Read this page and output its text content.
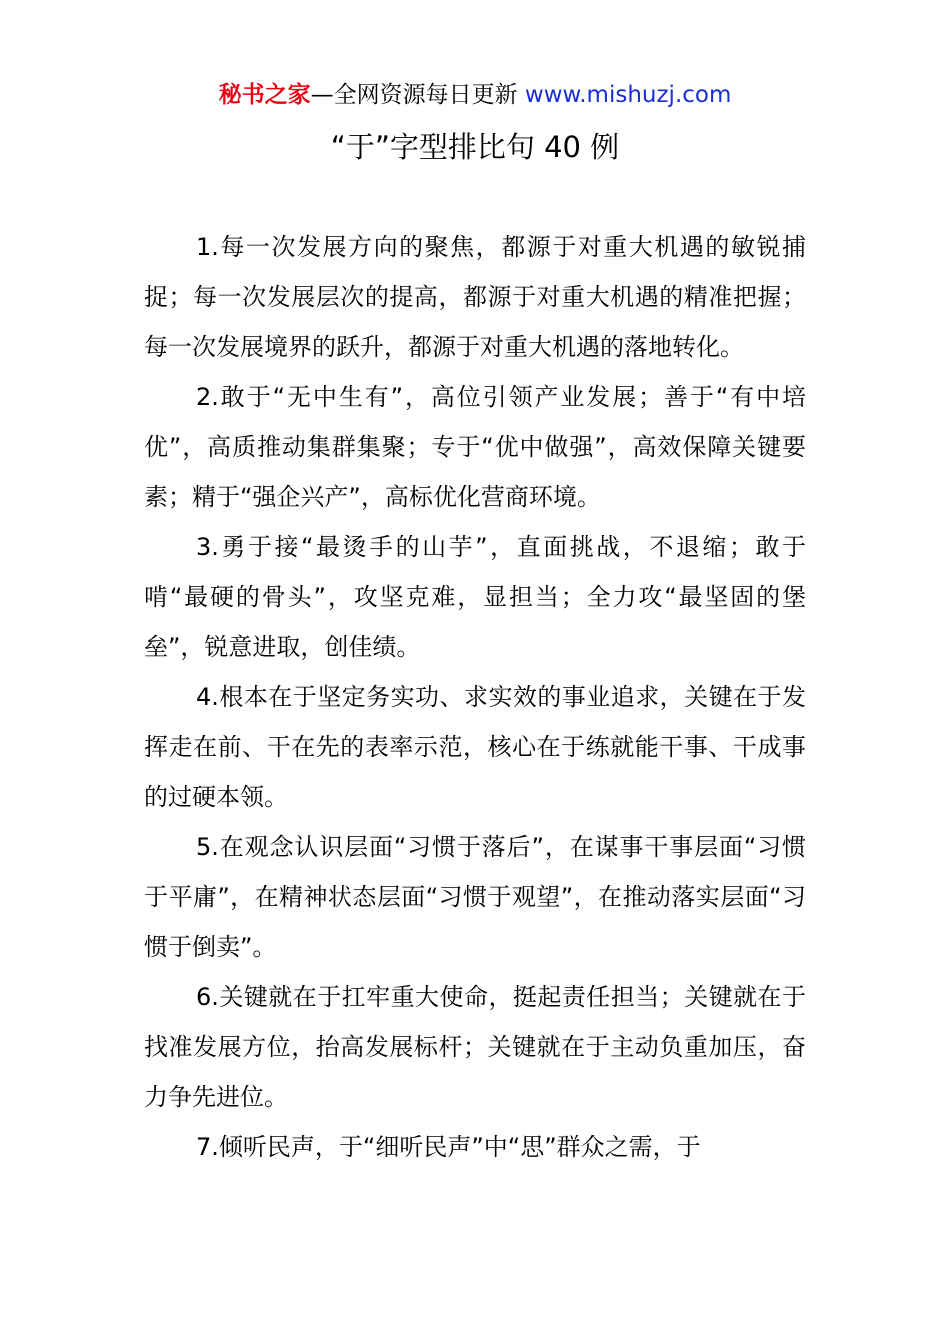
秘书之家—全网资源每日更新 www.mishuzj.com
“于”字型排比句 40 例

1.每一次发展方向的聚焦，都源于对重大机遇的敏锐捕捉；每一次发展层次的提高，都源于对重大机遇的精准把握；每一次发展境界的跃升，都源于对重大机遇的落地转化。

2.敢于“无中生有”，高位引领产业发展；善于“有中培优”，高质推动集群集聚；专于“优中做强”，高效保障关键要素；精于“强企兴产”，高标优化营商环境。

3.勇于接“最烫手的山芋”，直面挑战，不退缩；敢于啃“最硬的骨头”，攻坚克难，显担当；全力攻“最坚固的堡垒”，锐意进取，创佳绩。

4.根本在于坚定务实功、求实效的事业追求，关键在于发挥走在前、干在先的表率示范，核心在于练就能干事、干成事的过硬本领。

5.在观念认识层面“习惯于落后”，在谋事干事层面“习惯于平庸”，在精神状态层面“习惯于观望”，在推动落实层面“习惯于倒卖”。

6.关键就在于扛牢重大使命，挺起责任担当；关键就在于找准发展方位，抬高发展标杆；关键就在于主动负重加压，奋力争先进位。

7.倾听民声，于“细听民声”中“思”群众之需，于
